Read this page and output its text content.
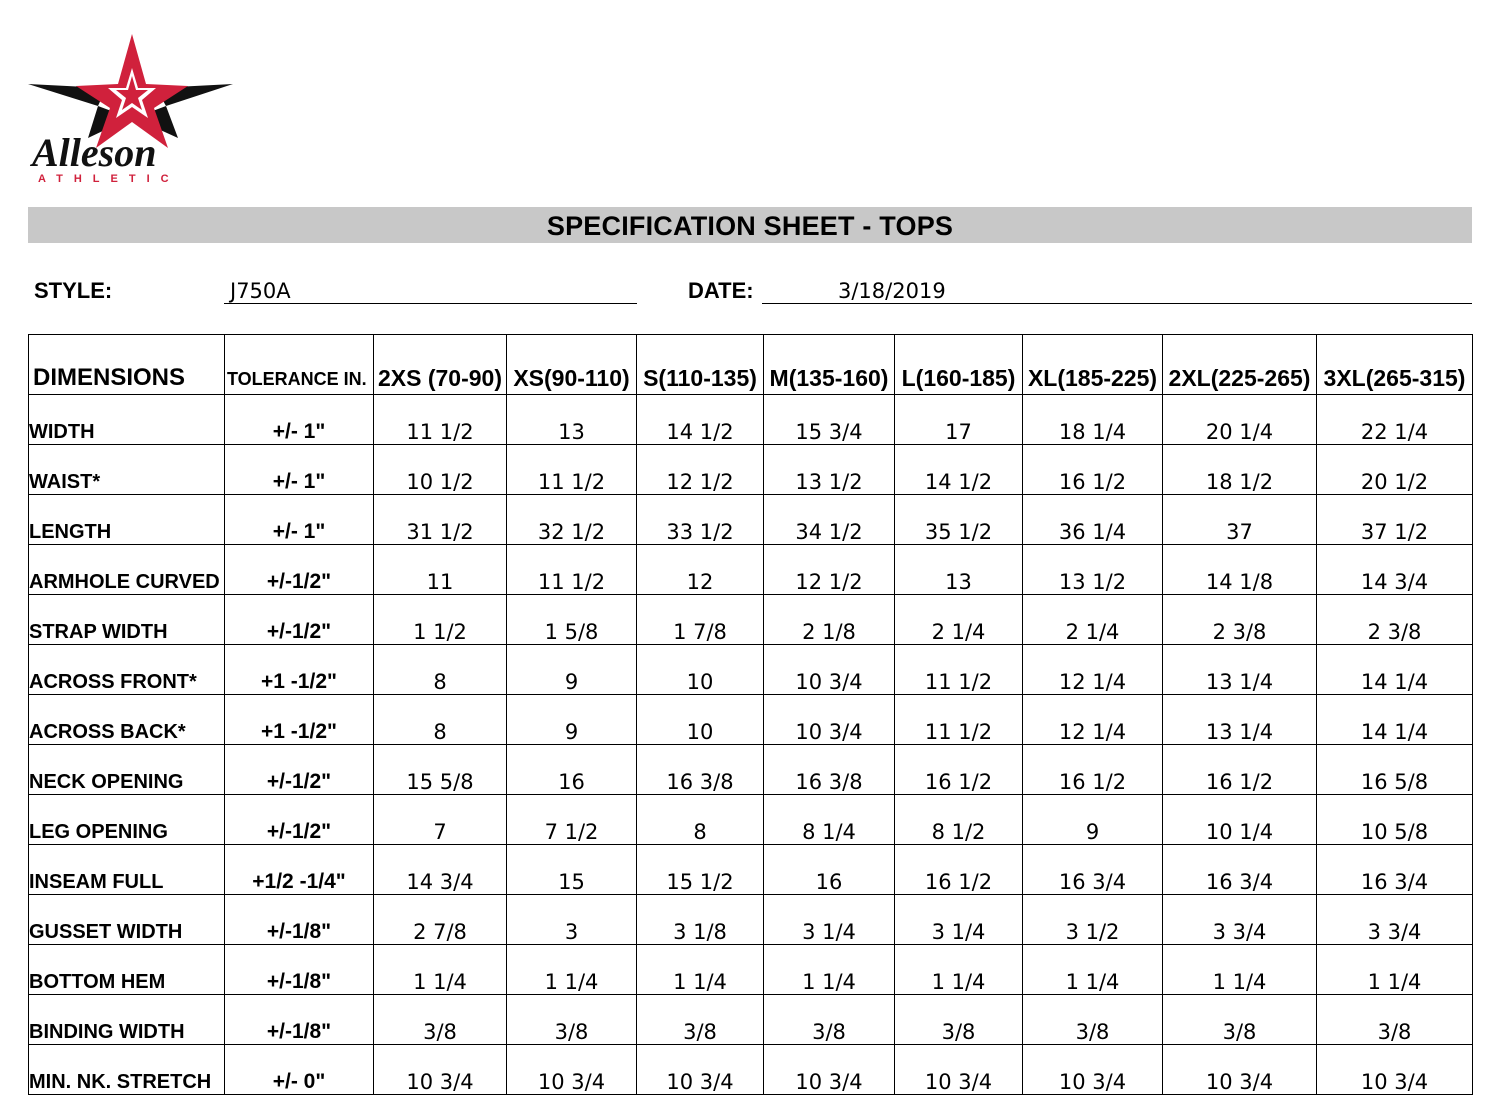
Alleson
ATHLETIC
SPECIFICATION SHEET - TOPS
STYLE:	J750A	DATE:	3/18/2019
DIMENSIONS	TOLERANCE IN.	2XS (70-90)	XS(90-110)	S(110-135)	M(135-160)	L(160-185)	XL(185-225)	2XL(225-265)	3XL(265-315)
WIDTH	+/- 1"	11 1/2	13	14 1/2	15 3/4	17	18 1/4	20 1/4	22 1/4
WAIST*	+/- 1"	10 1/2	11 1/2	12 1/2	13 1/2	14 1/2	16 1/2	18 1/2	20 1/2
LENGTH	+/- 1"	31 1/2	32 1/2	33 1/2	34 1/2	35 1/2	36 1/4	37	37 1/2
ARMHOLE CURVED	+/-1/2"	11	11 1/2	12	12 1/2	13	13 1/2	14 1/8	14 3/4
STRAP WIDTH	+/-1/2"	1 1/2	1 5/8	1 7/8	2 1/8	2 1/4	2 1/4	2 3/8	2 3/8
ACROSS FRONT*	+1 -1/2"	8	9	10	10 3/4	11 1/2	12 1/4	13 1/4	14 1/4
ACROSS BACK*	+1 -1/2"	8	9	10	10 3/4	11 1/2	12 1/4	13 1/4	14 1/4
NECK OPENING	+/-1/2"	15 5/8	16	16 3/8	16 3/8	16 1/2	16 1/2	16 1/2	16 5/8
LEG OPENING	+/-1/2"	7	7 1/2	8	8 1/4	8 1/2	9	10 1/4	10 5/8
INSEAM FULL	+1/2 -1/4"	14 3/4	15	15 1/2	16	16 1/2	16 3/4	16 3/4	16 3/4
GUSSET WIDTH	+/-1/8"	2 7/8	3	3 1/8	3 1/4	3 1/4	3 1/2	3 3/4	3 3/4
BOTTOM HEM	+/-1/8"	1 1/4	1 1/4	1 1/4	1 1/4	1 1/4	1 1/4	1 1/4	1 1/4
BINDING WIDTH	+/-1/8"	3/8	3/8	3/8	3/8	3/8	3/8	3/8	3/8
MIN. NK. STRETCH	+/- 0"	10 3/4	10 3/4	10 3/4	10 3/4	10 3/4	10 3/4	10 3/4	10 3/4
